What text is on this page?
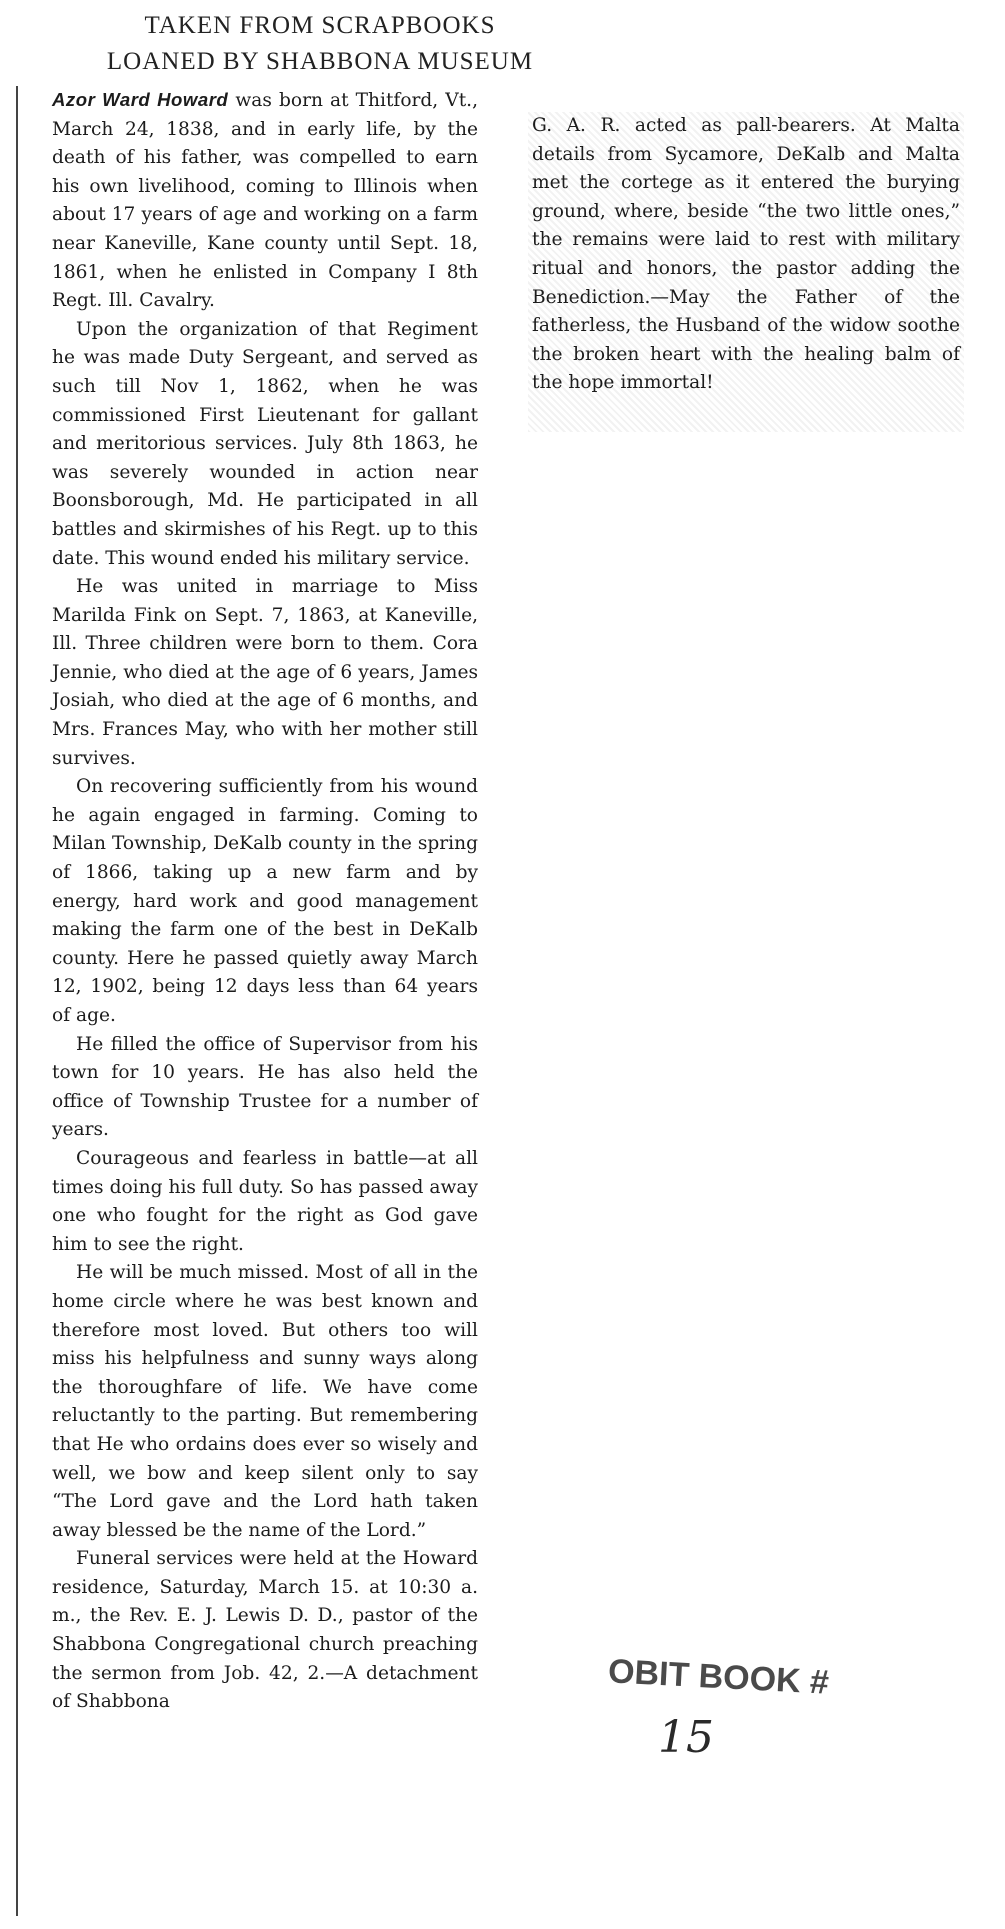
TAKEN FROM SCRAPBOOKS
LOANED BY SHABBONA MUSEUM

Azor Ward Howard was born at Thitford, Vt., March 24, 1838, and in early life, by the death of his father, was compelled to earn his own livelihood, coming to Illinois when about 17 years of age and working on a farm near Kaneville, Kane county until Sept. 18, 1861, when he enlisted in Company I 8th Regt. Ill. Cavalry.

Upon the organization of that Regiment he was made Duty Sergeant, and served as such till Nov 1, 1862, when he was commissioned First Lieutenant for gallant and meritorious services. July 8th 1863, he was severely wounded in action near Boonsborough, Md. He participated in all battles and skirmishes of his Regt. up to this date. This wound ended his military service.

He was united in marriage to Miss Marilda Fink on Sept. 7, 1863, at Kaneville, Ill. Three children were born to them. Cora Jennie, who died at the age of 6 years, James Josiah, who died at the age of 6 months, and Mrs. Frances May, who with her mother still survives.

On recovering sufficiently from his wound he again engaged in farming. Coming to Milan Township, DeKalb county in the spring of 1866, taking up a new farm and by energy, hard work and good management making the farm one of the best in DeKalb county. Here he passed quietly away March 12, 1902, being 12 days less than 64 years of age.

He filled the office of Supervisor from his town for 10 years. He has also held the office of Township Trustee for a number of years.

Courageous and fearless in battle—at all times doing his full duty. So has passed away one who fought for the right as God gave him to see the right.

He will be much missed. Most of all in the home circle where he was best known and therefore most loved. But others too will miss his helpfulness and sunny ways along the thoroughfare of life. We have come reluctantly to the parting. But remembering that He who ordains does ever so wisely and well, we bow and keep silent only to say “The Lord gave and the Lord hath taken away blessed be the name of the Lord.”

Funeral services were held at the Howard residence, Saturday, March 15. at 10:30 a. m., the Rev. E. J. Lewis D. D., pastor of the Shabbona Congregational church preaching the sermon from Job. 42, 2.—A detachment of Shabbona

G. A. R. acted as pall-bearers. At Malta details from Sycamore, DeKalb and Malta met the cortege as it entered the burying ground, where, beside “the two little ones,” the remains were laid to rest with military ritual and honors, the pastor adding the Benediction.—May the Father of the fatherless, the Husband of the widow soothe the broken heart with the healing balm of the hope immortal!

OBIT BOOK #
15
